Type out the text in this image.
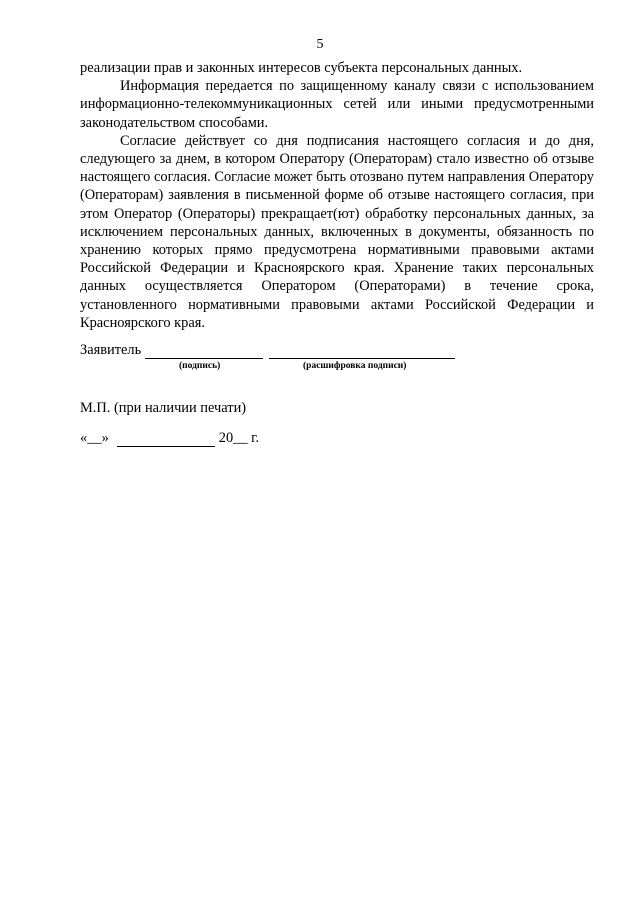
5

реализации прав и законных интересов субъекта персональных данных.

Информация передается по защищенному каналу связи с использованием информационно-телекоммуникационных сетей или иными предусмотренными законодательством способами.

Согласие действует со дня подписания настоящего согласия и до дня, следующего за днем, в котором Оператору (Операторам) стало известно об отзыве настоящего согласия. Согласие может быть отозвано путем направления Оператору (Операторам) заявления в письменной форме об отзыве настоящего согласия, при этом Оператор (Операторы) прекращает(ют) обработку персональных данных, за исключением персональных данных, включенных в документы, обязанность по хранению которых прямо предусмотрена нормативными правовыми актами Российской Федерации и Красноярского края. Хранение таких персональных данных осуществляется Оператором (Операторами) в течение срока, установленного нормативными правовыми актами Российской Федерации и Красноярского края.

Заявитель
(подпись)	(расшифровка подписи)
М.П. (при наличии печати)
«__»	20 __ г.
